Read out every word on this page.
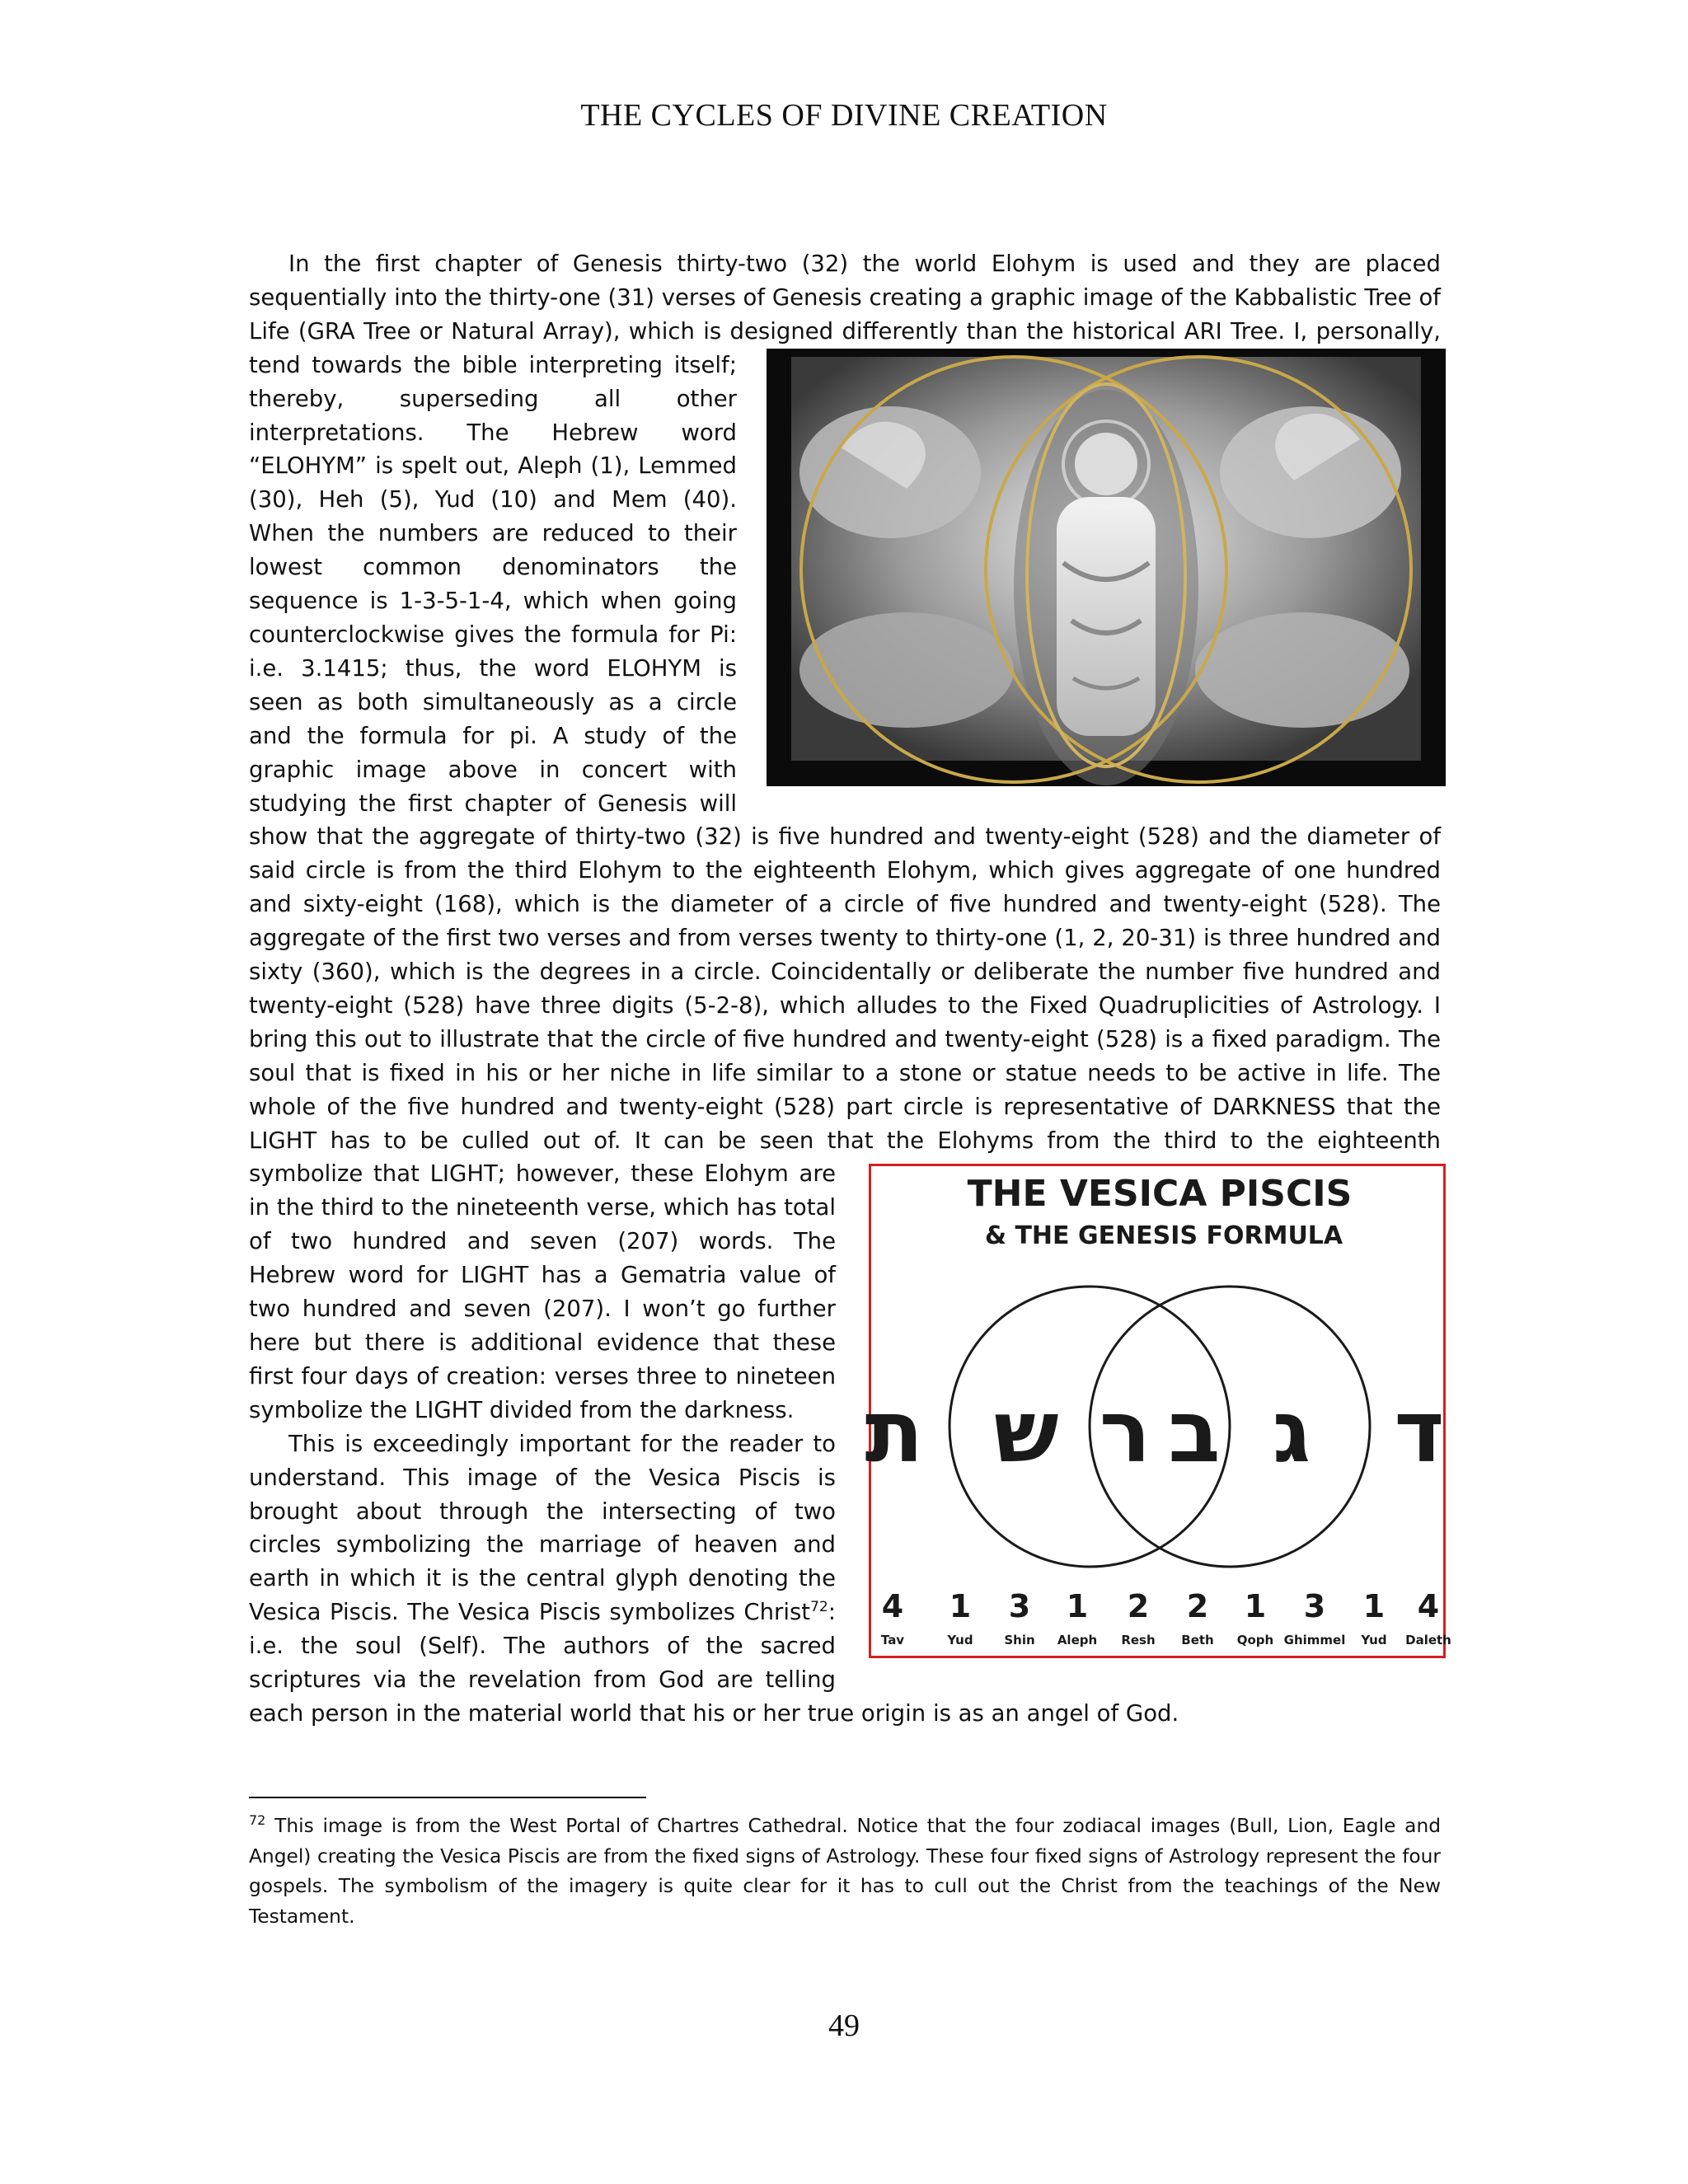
THE CYCLES OF DIVINE CREATION

In the first chapter of Genesis thirty-two (32) the world Elohym is used and they are placed sequentially into the thirty-one (31) verses of Genesis creating a graphic image of the Kabbalistic Tree of Life (GRA Tree or Natural Array), which is designed differently than the historical ARI Tree. I, personally,
tend towards the bible interpreting itself; thereby, superseding all other interpretations. The Hebrew word “ELOHYM” is spelt out, Aleph (1), Lemmed (30), Heh (5), Yud (10) and Mem (40). When the numbers are reduced to their lowest common denominators the sequence is 1-3-5-1-4, which when going counterclockwise gives the formula for Pi: i.e. 3.1415; thus, the word ELOHYM is seen as both simultaneously as a circle and the formula for pi. A study of the graphic image above in concert with studying the first chapter of Genesis will show that the aggregate of thirty-two (32) is five hundred and twenty-eight (528) and the diameter of said circle is from the third Elohym to the eighteenth Elohym, which gives aggregate of one hundred and sixty-eight (168), which is the diameter of a circle of five hundred and twenty-eight (528). The aggregate of the first two verses and from verses twenty to thirty-one (1, 2, 20-31) is three hundred and sixty (360), which is the degrees in a circle. Coincidentally or deliberate the number five hundred and twenty-eight (528) have three digits (5-2-8), which alludes to the Fixed Quadruplicities of Astrology. I bring this out to illustrate that the circle of five hundred and twenty-eight (528) is a fixed paradigm. The soul that is fixed in his or her niche in life similar to a stone or statue needs to be active in life. The whole of the five hundred and twenty-eight (528) part circle is representative of DARKNESS that the LIGHT has to be culled out of. It can be seen that the Elohyms from the third to the
THE VESICA PISCIS
& THE GENESIS FORMULA
ת ש ר ב ג ד
4 1 3 1 2 2 1 3 1 4
Tav	Yud	Shin Aleph Resh Beth Qoph Ghimmel Yud Daleth
eighteenth symbolize that LIGHT; however, these Elohym are in the third to the nineteenth verse, which has total of two hundred and seven (207) words. The Hebrew word for LIGHT has a Gematria value of two hundred and seven (207). I won’t go further here but there is additional evidence that these first four days of creation: verses three to nineteen symbolize the LIGHT divided from the darkness.

This is exceedingly important for the reader to understand. This image of the Vesica Piscis is brought about through the intersecting of two circles symbolizing the marriage of heaven and earth in which it is the central glyph denoting the Vesica Piscis. The Vesica Piscis symbolizes Christ$^{72}$: i.e. the soul (Self). The authors of the sacred scriptures via the revelation from God are telling each person in the material world that his or her true origin is as an angel of God.

$^{72}$ This image is from the West Portal of Chartres Cathedral. Notice that the four zodiacal images (Bull, Lion, Eagle and Angel) creating the Vesica Piscis are from the fixed signs of Astrology. These four fixed signs of Astrology represent the four gospels. The symbolism of the imagery is quite clear for it has to cull out the Christ from the teachings of the New Testament.
49
